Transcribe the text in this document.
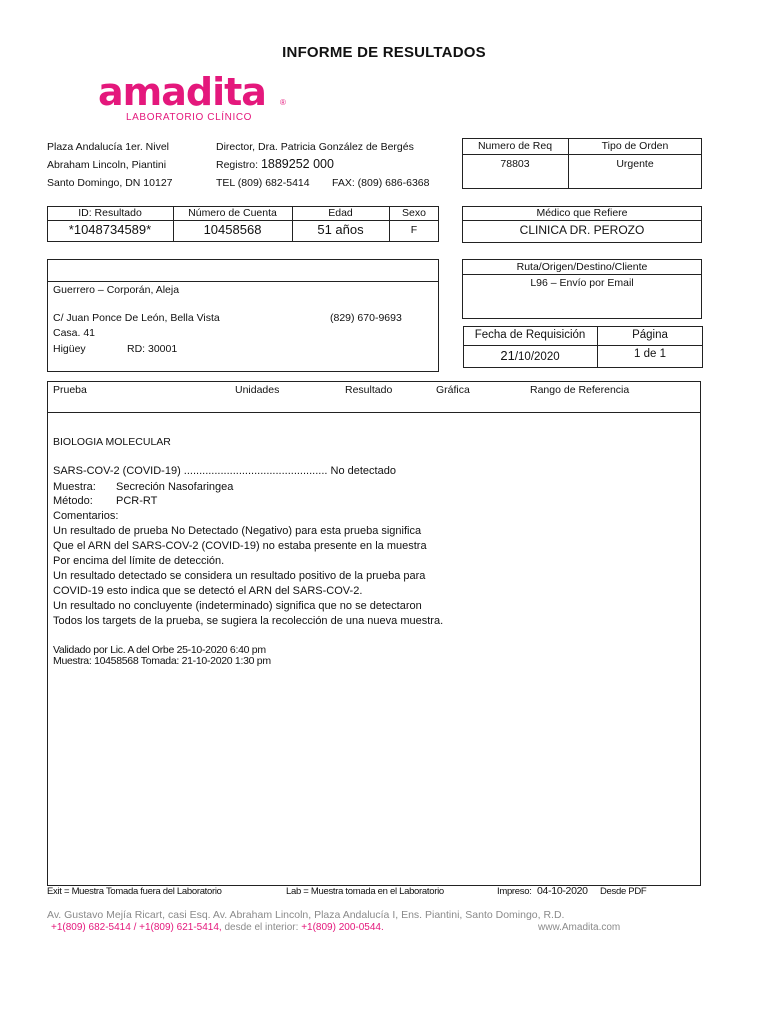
INFORME DE RESULTADOS
amadita	®
LABORATORIO CLÍNICO
Plaza Andalucía 1er. Nivel
Abraham Lincoln, Piantini
Santo Domingo, DN 10127
Director, Dra. Patricia González de Bergés
Registro: 1889252 000
TEL (809) 682-5414 FAX: (809) 686-6368
Numero de Req	Tipo de Orden
78803	Urgente
ID: Resultado	Número de Cuenta	Edad	Sexo
*1048734589*	10458568	51 años	F
Médico que Refiere
CLINICA DR. PEROZO
Guerrero – Corporán, Aleja
C/ Juan Ponce De León, Bella Vista	(829) 670-9693
Casa. 41
Higüey	RD: 30001
Ruta/Origen/Destino/Cliente
L96 – Envío por Email
Fecha de Requisición	Página
21/10/2020	1 de 1
Prueba	Unidades	Resultado	Gráfica	Rango de Referencia
BIOLOGIA MOLECULAR
SARS-COV-2 (COVID-19) ............................................... No detectado
Muestra: Secreción Nasofaringea
Método: PCR-RT
Comentarios:
Un resultado de prueba No Detectado (Negativo) para esta prueba significa
Que el ARN del SARS-COV-2 (COVID-19) no estaba presente en la muestra
Por encima del límite de detección.
Un resultado detectado se considera un resultado positivo de la prueba para
COVID-19 esto indica que se detectó el ARN del SARS-COV-2.
Un resultado no concluyente (indeterminado) significa que no se detectaron
Todos los targets de la prueba, se sugiera la recolección de una nueva muestra.
Validado por Lic. A del Orbe 25-10-2020 6:40 pm
Muestra: 10458568 Tomada: 21-10-2020 1:30 pm
Exit = Muestra Tomada fuera del Laboratorio	Lab = Muestra tomada en el Laboratorio	Impreso: 04-10-2020 Desde PDF
Av. Gustavo Mejía Ricart, casi Esq. Av. Abraham Lincoln, Plaza Andalucía I, Ens. Piantini, Santo Domingo, R.D.
+1(809) 682-5414 / +1(809) 621-5414, desde el interior: +1(809) 200-0544.	www.Amadita.com
